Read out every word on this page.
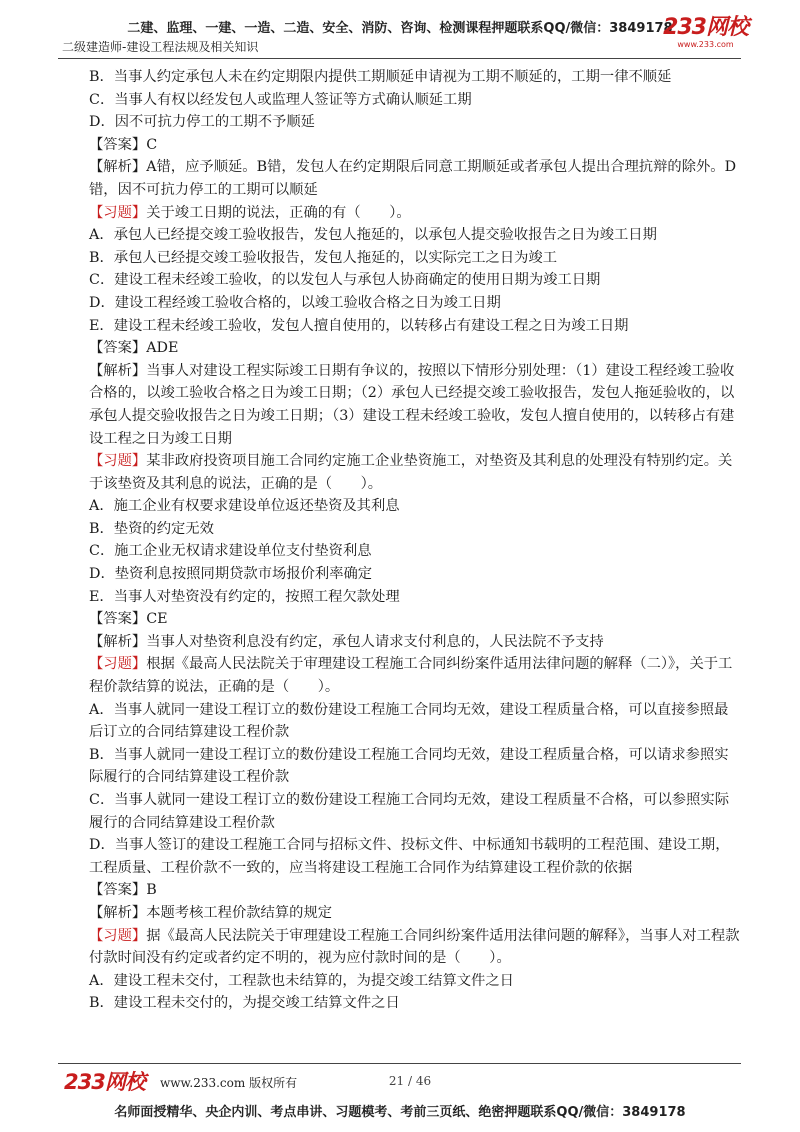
二建、监理、一建、一造、二造、安全、消防、咨询、检测课程押题联系QQ/微信：3849178
二级建造师-建设工程法规及相关知识
233网校
www.233.com

B．当事人约定承包人未在约定期限内提供工期顺延申请视为工期不顺延的，工期一律不顺延

C．当事人有权以经发包人或监理人签证等方式确认顺延工期

D．因不可抗力停工的工期不予顺延

【答案】C

【解析】A错，应予顺延。B错，发包人在约定期限后同意工期顺延或者承包人提出合理抗辩的除外。D错，因不可抗力停工的工期可以顺延

【习题】关于竣工日期的说法，正确的有（　　）。

A．承包人已经提交竣工验收报告，发包人拖延的，以承包人提交验收报告之日为竣工日期

B．承包人已经提交竣工验收报告，发包人拖延的，以实际完工之日为竣工

C．建设工程未经竣工验收，的以发包人与承包人协商确定的使用日期为竣工日期

D．建设工程经竣工验收合格的，以竣工验收合格之日为竣工日期

E．建设工程未经竣工验收，发包人擅自使用的，以转移占有建设工程之日为竣工日期

【答案】ADE

【解析】当事人对建设工程实际竣工日期有争议的，按照以下情形分别处理：（1）建设工程经竣工验收合格的，以竣工验收合格之日为竣工日期；（2）承包人已经提交竣工验收报告，发包人拖延验收的，以承包人提交验收报告之日为竣工日期；（3）建设工程未经竣工验收，发包人擅自使用的，以转移占有建设工程之日为竣工日期

【习题】某非政府投资项目施工合同约定施工企业垫资施工，对垫资及其利息的处理没有特别约定。关于该垫资及其利息的说法，正确的是（　　）。

A．施工企业有权要求建设单位返还垫资及其利息

B．垫资的约定无效

C．施工企业无权请求建设单位支付垫资利息

D．垫资利息按照同期贷款市场报价利率确定

E．当事人对垫资没有约定的，按照工程欠款处理

【答案】CE

【解析】当事人对垫资利息没有约定，承包人请求支付利息的，人民法院不予支持

【习题】根据《最高人民法院关于审理建设工程施工合同纠纷案件适用法律问题的解释（二）》，关于工程价款结算的说法，正确的是（　　）。

A．当事人就同一建设工程订立的数份建设工程施工合同均无效，建设工程质量合格，可以直接参照最后订立的合同结算建设工程价款

B．当事人就同一建设工程订立的数份建设工程施工合同均无效，建设工程质量合格，可以请求参照实际履行的合同结算建设工程价款

C．当事人就同一建设工程订立的数份建设工程施工合同均无效，建设工程质量不合格，可以参照实际履行的合同结算建设工程价款

D．当事人签订的建设工程施工合同与招标文件、投标文件、中标通知书载明的工程范围、建设工期，工程质量、工程价款不一致的，应当将建设工程施工合同作为结算建设工程价款的依据

【答案】B

【解析】本题考核工程价款结算的规定

【习题】据《最高人民法院关于审理建设工程施工合同纠纷案件适用法律问题的解释》，当事人对工程款付款时间没有约定或者约定不明的，视为应付款时间的是（　　）。

A．建设工程未交付，工程款也未结算的，为提交竣工结算文件之日

B．建设工程未交付的，为提交竣工结算文件之日

233网校 www.233.com 版权所有	21 / 46
名师面授精华、央企内训、考点串讲、习题模考、考前三页纸、绝密押题联系QQ/微信：3849178
